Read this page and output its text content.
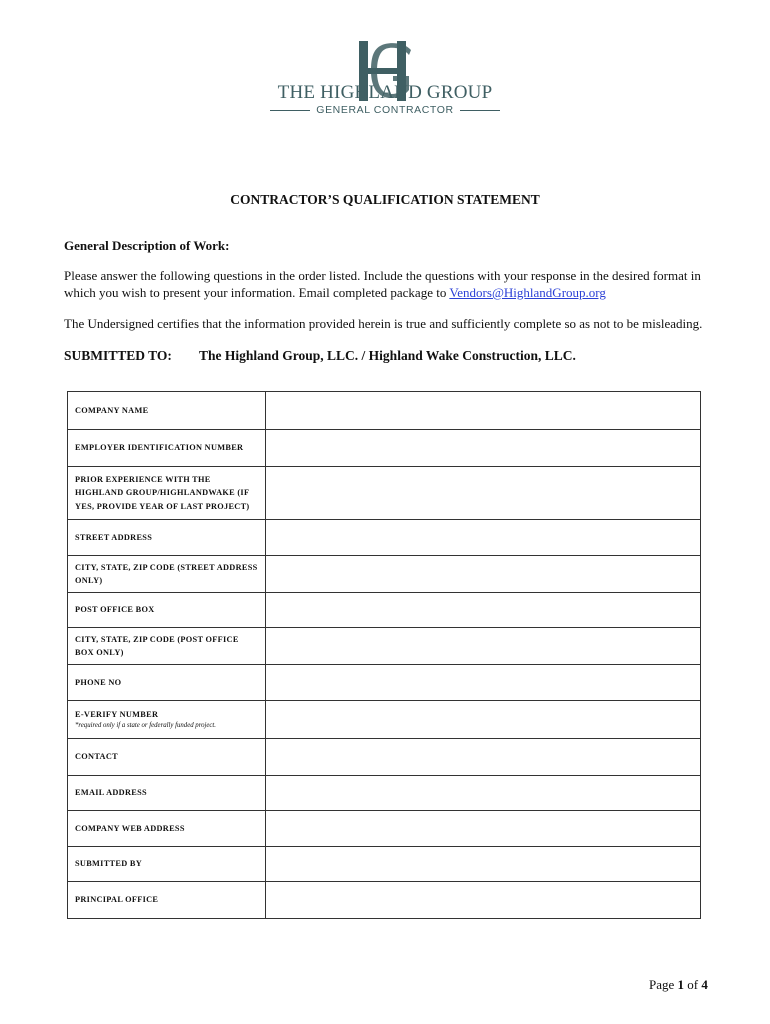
THE HIGHLAND GROUP
GENERAL CONTRACTOR
CONTRACTOR’S QUALIFICATION STATEMENT
General Description of Work:
Please answer the following questions in the order listed. Include the questions with your response in the desired format in which you wish to present your information. Email completed package to Vendors@HighlandGroup.org
The Undersigned certifies that the information provided herein is true and sufficiently complete so as not to be misleading.
SUBMITTED TO: The Highland Group, LLC. / Highland Wake Construction, LLC.
COMPANY NAME	

EMPLOYER IDENTIFICATION NUMBER	

PRIOR EXPERIENCE WITH THE HIGHLAND GROUP/HIGHLANDWAKE (IF YES, PROVIDE YEAR OF LAST PROJECT)	

STREET ADDRESS	

CITY, STATE, ZIP CODE (STREET ADDRESS ONLY)	

POST OFFICE BOX	

CITY, STATE, ZIP CODE (POST OFFICE BOX ONLY)	

PHONE NO	

E-VERIFY NUMBER
*required only if a state or federally funded project.	

CONTACT	

EMAIL ADDRESS	

COMPANY WEB ADDRESS	

SUBMITTED BY	

PRINCIPAL OFFICE	

Page 1 of 4
